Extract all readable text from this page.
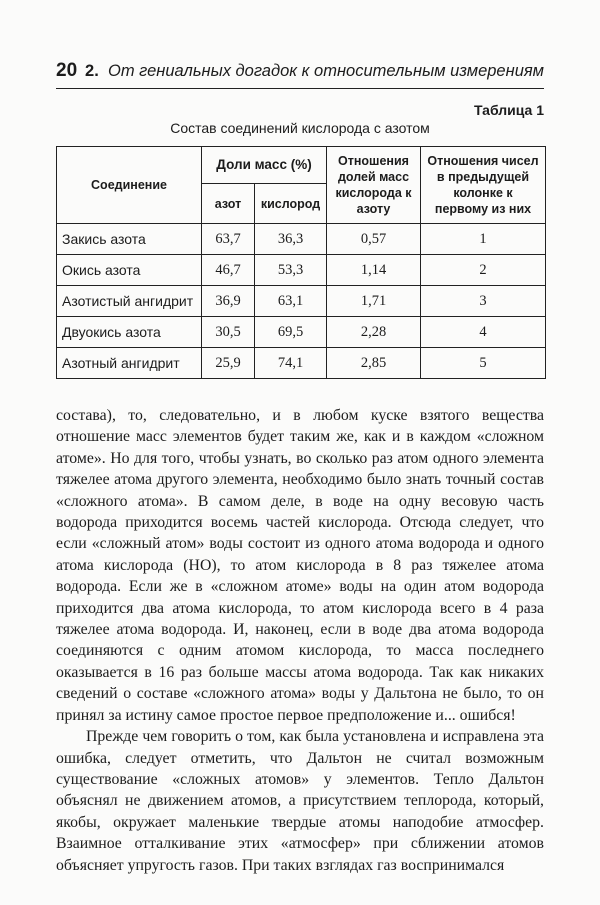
20 2. От гениальных догадок к относительным измерениям
Таблица 1
Состав соединений кислорода с азотом
Соединение	Доли масс (%)		Отношения долей масс кислорода к азоту	Отношения чисел в предыдущей колонке к первому из них
	азот	кислород		
Закись азота	63,7	36,3	0,57	1
Окись азота	46,7	53,3	1,14	2
Азотистый ангидрит	36,9	63,1	1,71	3
Двуокись азота	30,5	69,5	2,28	4
Азотный ангидрит	25,9	74,1	2,85	5

состава), то, следовательно, и в любом куске взятого вещества отношение масс элементов будет таким же, как и в каждом «сложном атоме». Но для того, чтобы узнать, во сколько раз атом одного элемента тяжелее атома другого элемента, необходимо было знать точный состав «сложного атома». В самом деле, в воде на одну весовую часть водорода приходится восемь частей кислорода. Отсюда следует, что если «сложный атом» воды состоит из одного атома водорода и одного атома кислорода (НО), то атом кислорода в 8 раз тяжелее атома водорода. Если же в «сложном атоме» воды на один атом водорода приходится два атома кислорода, то атом кислорода всего в 4 раза тяжелее атома водорода. И, наконец, если в воде два атома водорода соединяются с одним атомом кислорода, то масса последнего оказывается в 16 раз больше массы атома водорода. Так как никаких сведений о составе «сложного атома» воды у Дальтона не было, то он принял за истину самое простое первое предположение и... ошибся!

Прежде чем говорить о том, как была установлена и исправлена эта ошибка, следует отметить, что Дальтон не считал возможным существование «сложных атомов» у элементов. Тепло Дальтон объяснял не движением атомов, а присутствием теплорода, который, якобы, окружает маленькие твердые атомы наподобие атмосфер. Взаимное отталкивание этих «атмосфер» при сближении атомов объясняет упругость газов. При таких взглядах газ воспринимался
